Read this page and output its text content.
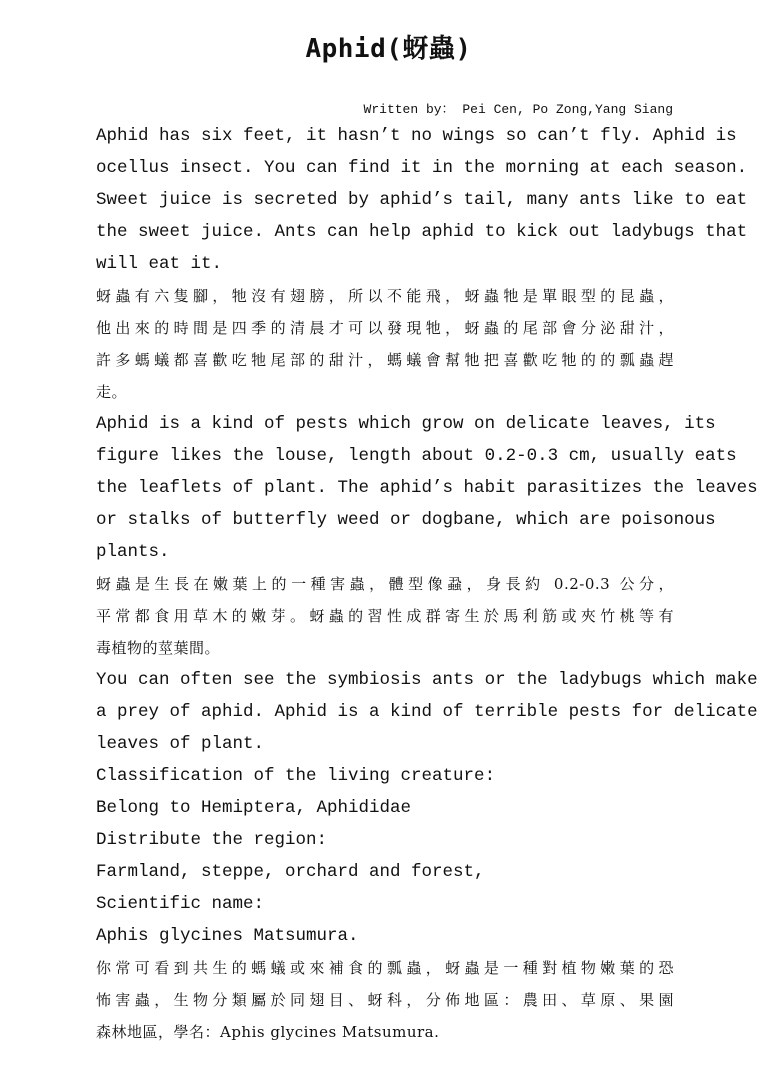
Aphid(蚜蟲)
Written by： Pei Cen, Po Zong,Yang Siang
Aphid has six feet, it hasn’t no wings so can’t fly. Aphid is
ocellus insect. You can find it in the morning at each season.
Sweet juice is secreted by aphid’s tail, many ants like to eat
the sweet juice. Ants can help aphid to kick out ladybugs that
will eat it.
蚜蟲有六隻腳，牠沒有翅膀，所以不能飛，蚜蟲牠是單眼型的昆蟲，
他出來的時間是四季的清晨才可以發現牠，蚜蟲的尾部會分泌甜汁，
許多螞蟻都喜歡吃牠尾部的甜汁，螞蟻會幫牠把喜歡吃牠的的瓢蟲趕
走。
Aphid is a kind of pests which grow on delicate leaves, its
figure likes the louse, length about 0.2-0.3 cm, usually eats
the leaflets of plant. The aphid’s habit parasitizes the leaves
or stalks of butterfly weed or dogbane, which are poisonous
plants.
蚜蟲是生長在嫩葉上的一種害蟲，體型像蝨，身長約 0.2-0.3 公分，
平常都食用草木的嫩芽。蚜蟲的習性成群寄生於馬利筋或夾竹桃等有
毒植物的莖葉間。
You can often see the symbiosis ants or the ladybugs which make
a prey of aphid. Aphid is a kind of terrible pests for delicate
leaves of plant.
Classification of the living creature:
Belong to Hemiptera, Aphididae
Distribute the region:
Farmland, steppe, orchard and forest,
Scientific name:
Aphis glycines Matsumura.
你常可看到共生的螞蟻或來補食的瓢蟲，蚜蟲是一種對植物嫩葉的恐
怖害蟲，生物分類屬於同翅目、蚜科，分佈地區：農田、草原、果園
森林地區，學名：Aphis glycines Matsumura.
